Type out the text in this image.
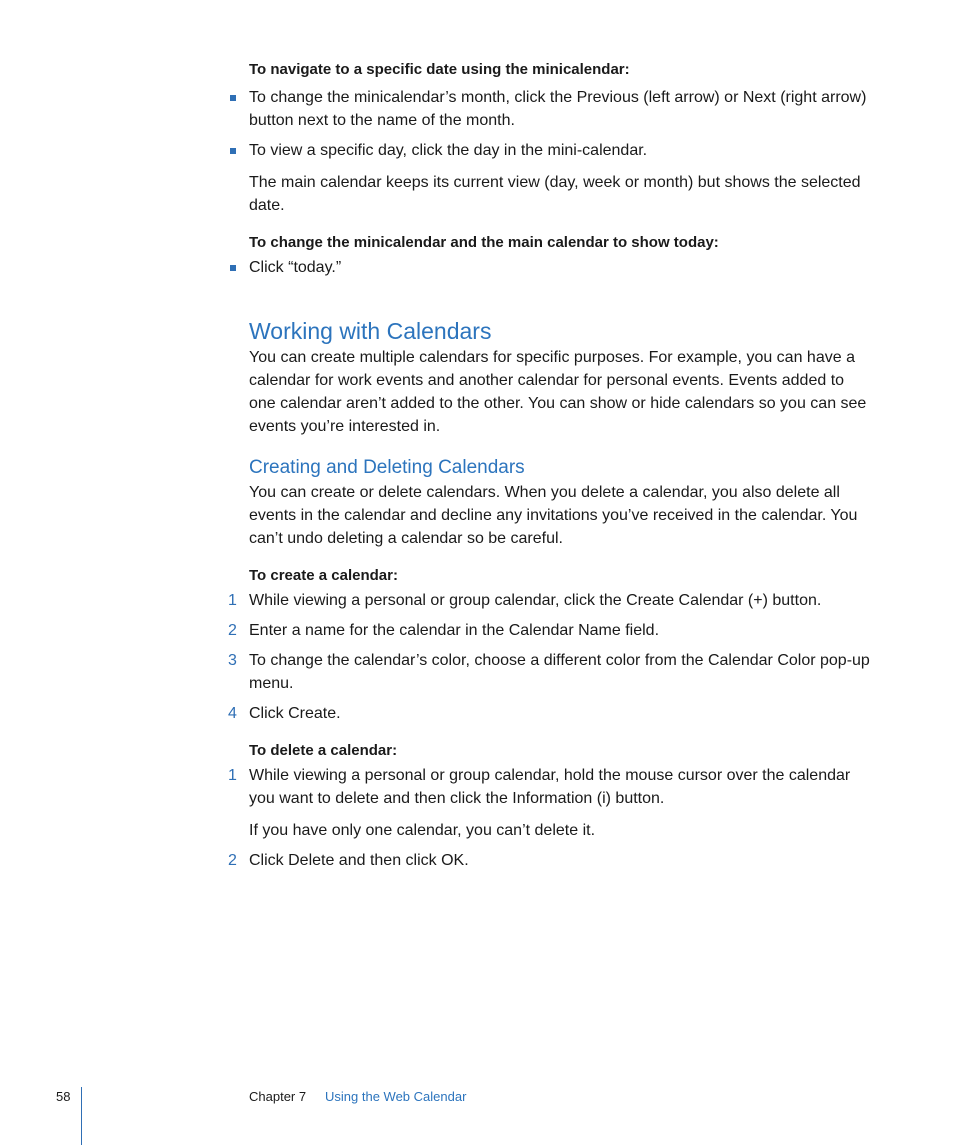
To navigate to a specific date using the minicalendar:

To change the minicalendar’s month, click the Previous (left arrow) or Next (right arrow) button next to the name of the month.

To view a specific day, click the day in the mini-calendar.

The main calendar keeps its current view (day, week or month) but shows the selected date.

To change the minicalendar and the main calendar to show today:

Click “today.”

Working with Calendars

You can create multiple calendars for specific purposes. For example, you can have a calendar for work events and another calendar for personal events. Events added to one calendar aren’t added to the other. You can show or hide calendars so you can see events you’re interested in.

Creating and Deleting Calendars

You can create or delete calendars. When you delete a calendar, you also delete all events in the calendar and decline any invitations you’ve received in the calendar. You can’t undo deleting a calendar so be careful.

To create a calendar:

1 While viewing a personal or group calendar, click the Create Calendar (+) button.

2 Enter a name for the calendar in the Calendar Name field.

3 To change the calendar’s color, choose a different color from the Calendar Color pop-up menu.

4 Click Create.

To delete a calendar:

1 While viewing a personal or group calendar, hold the mouse cursor over the calendar you want to delete and then click the Information (i) button.

If you have only one calendar, you can’t delete it.

2 Click Delete and then click OK.

58	Chapter 7 Using the Web Calendar
